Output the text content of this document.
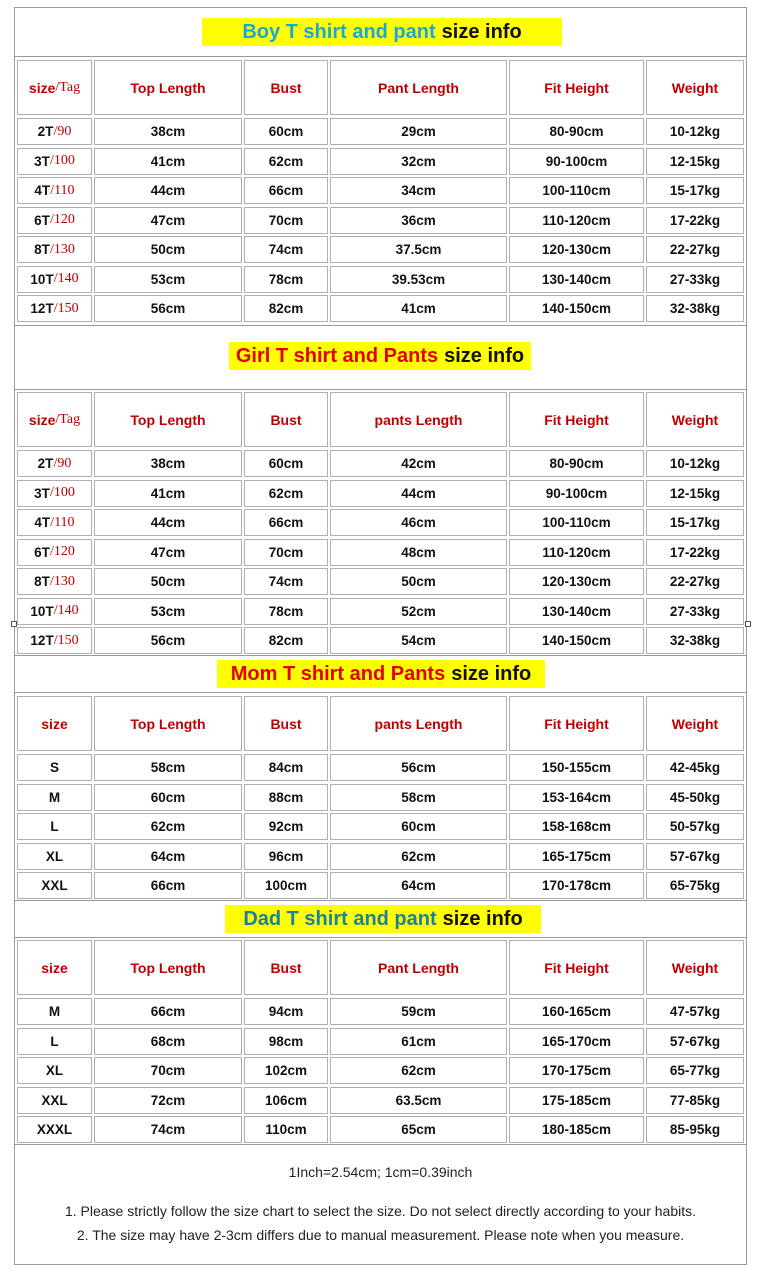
Boy T shirt and pant size info
size /Tag	Top Length	Bust	Pant Length	Fit Height	Weight
2T /90	38cm	60cm	29cm	80-90cm	10-12kg
3T /100	41cm	62cm	32cm	90-100cm	12-15kg
4T /110	44cm	66cm	34cm	100-110cm	15-17kg
6T /120	47cm	70cm	36cm	110-120cm	17-22kg
8T /130	50cm	74cm	37.5cm	120-130cm	22-27kg
10T /140	53cm	78cm	39.53cm	130-140cm	27-33kg
12T /150	56cm	82cm	41cm	140-150cm	32-38kg
Girl T shirt and Pants size info
size /Tag	Top Length	Bust	pants Length	Fit Height	Weight
2T /90	38cm	60cm	42cm	80-90cm	10-12kg
3T /100	41cm	62cm	44cm	90-100cm	12-15kg
4T /110	44cm	66cm	46cm	100-110cm	15-17kg
6T /120	47cm	70cm	48cm	110-120cm	17-22kg
8T /130	50cm	74cm	50cm	120-130cm	22-27kg
10T /140	53cm	78cm	52cm	130-140cm	27-33kg
12T /150	56cm	82cm	54cm	140-150cm	32-38kg
Mom T shirt and Pants size info
size	Top Length	Bust	pants Length	Fit Height	Weight
S	58cm	84cm	56cm	150-155cm	42-45kg
M	60cm	88cm	58cm	153-164cm	45-50kg
L	62cm	92cm	60cm	158-168cm	50-57kg
XL	64cm	96cm	62cm	165-175cm	57-67kg
XXL	66cm	100cm	64cm	170-178cm	65-75kg
Dad T shirt and pant size info
size	Top Length	Bust	Pant Length	Fit Height	Weight
M	66cm	94cm	59cm	160-165cm	47-57kg
L	68cm	98cm	61cm	165-170cm	57-67kg
XL	70cm	102cm	62cm	170-175cm	65-77kg
XXL	72cm	106cm	63.5cm	175-185cm	77-85kg
XXXL	74cm	110cm	65cm	180-185cm	85-95kg
1Inch=2.54cm; 1cm=0.39inch
1. Please strictly follow the size chart to select the size. Do not select directly according to your habits.
2. The size may have 2-3cm differs due to manual measurement. Please note when you measure.
